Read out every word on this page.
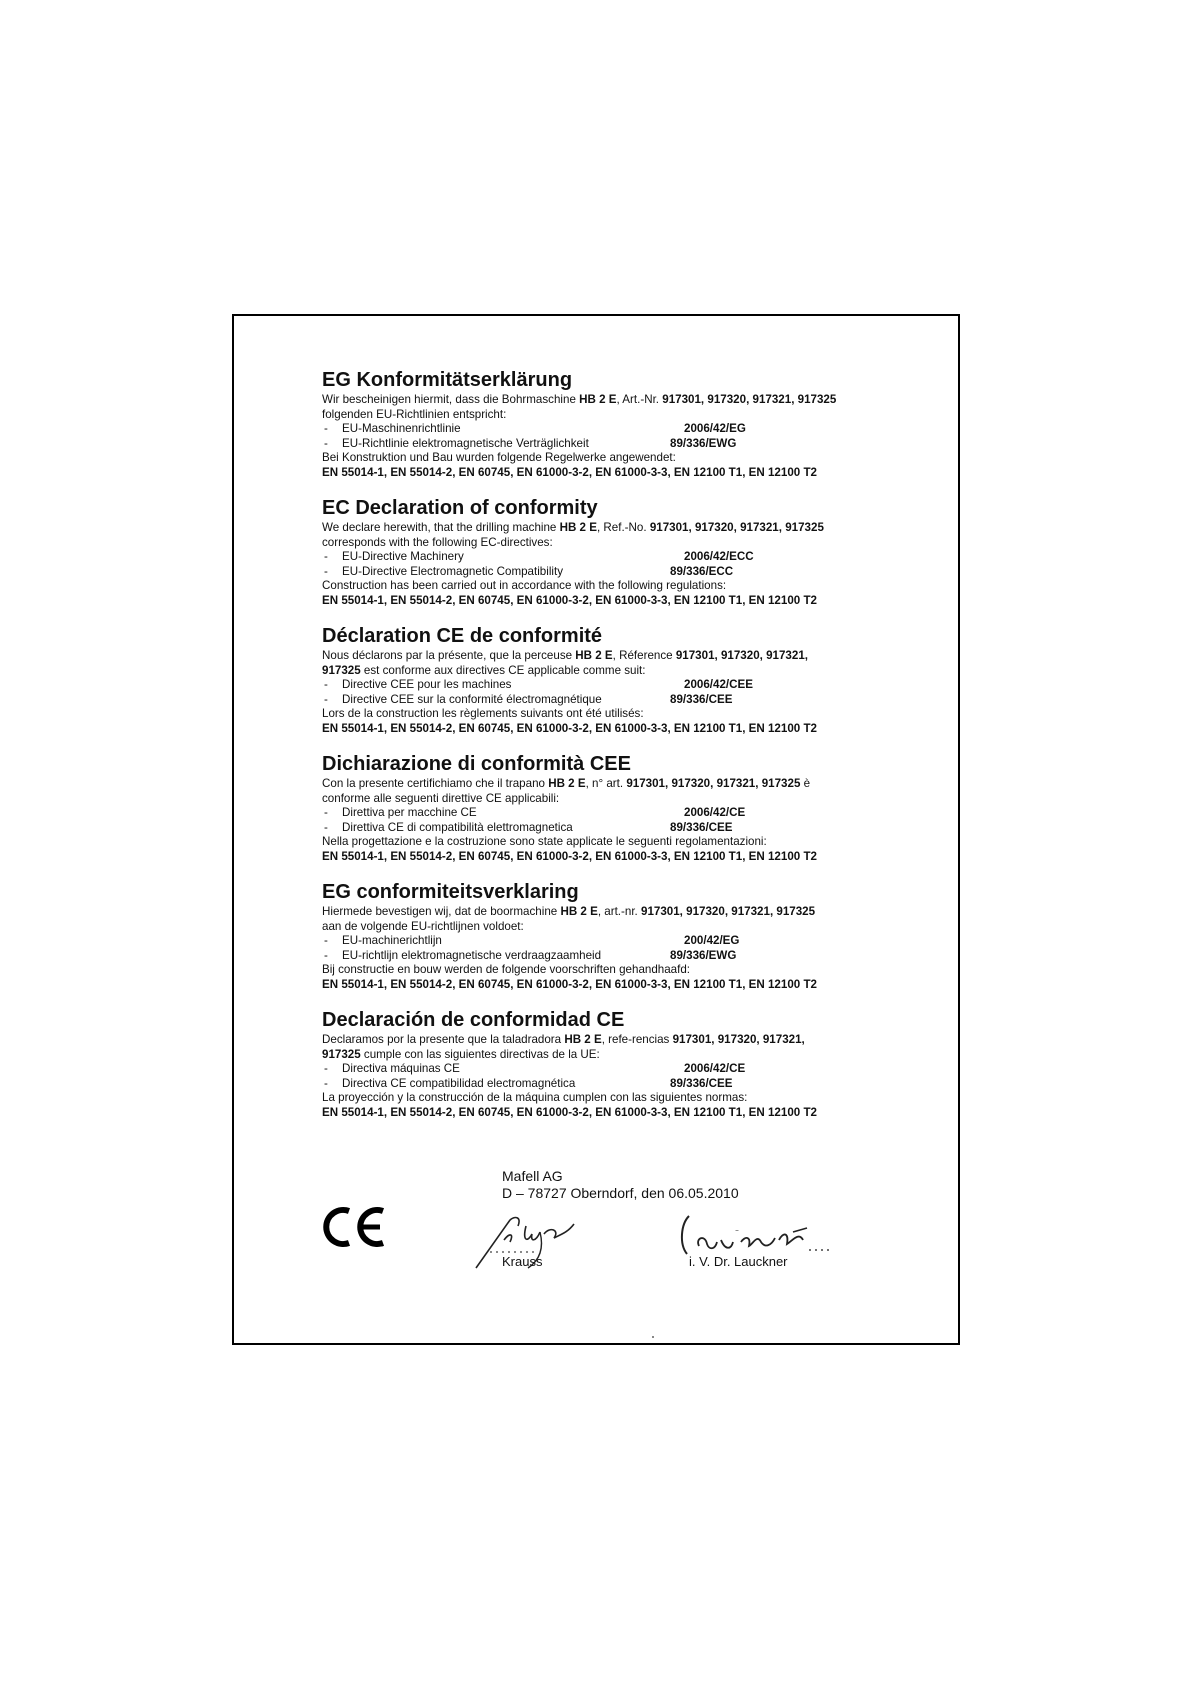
EG Konformitätserklärung
Wir bescheinigen hiermit, dass die Bohrmaschine HB 2 E, Art.-Nr. 917301, 917320, 917321, 917325
folgenden EU-Richtlinien entspricht:
- EU-Maschinenrichtlinie	2006/42/EG
- EU-Richtlinie elektromagnetische Verträglichkeit	89/336/EWG
Bei Konstruktion und Bau wurden folgende Regelwerke angewendet:
EN 55014-1, EN 55014-2, EN 60745, EN 61000-3-2, EN 61000-3-3, EN 12100 T1, EN 12100 T2
EC Declaration of conformity
We declare herewith, that the drilling machine HB 2 E, Ref.-No. 917301, 917320, 917321, 917325
corresponds with the following EC-directives:
- EU-Directive Machinery	2006/42/ECC
- EU-Directive Electromagnetic Compatibility	89/336/ECC
Construction has been carried out in accordance with the following regulations:
EN 55014-1, EN 55014-2, EN 60745, EN 61000-3-2, EN 61000-3-3, EN 12100 T1, EN 12100 T2
Déclaration CE de conformité
Nous déclarons par la présente, que la perceuse HB 2 E, Réference 917301, 917320, 917321,
917325 est conforme aux directives CE applicable comme suit:
- Directive CEE pour les machines	2006/42/CEE
- Directive CEE sur la conformité électromagnétique	89/336/CEE
Lors de la construction les règlements suivants ont été utilisés:
EN 55014-1, EN 55014-2, EN 60745, EN 61000-3-2, EN 61000-3-3, EN 12100 T1, EN 12100 T2
Dichiarazione di conformità CEE
Con la presente certifichiamo che il trapano HB 2 E, n° art. 917301, 917320, 917321, 917325 è
conforme alle seguenti direttive CE applicabili:
- Direttiva per macchine CE	2006/42/CE
- Direttiva CE di compatibilità elettromagnetica	89/336/CEE
Nella progettazione e la costruzione sono state applicate le seguenti regolamentazioni:
EN 55014-1, EN 55014-2, EN 60745, EN 61000-3-2, EN 61000-3-3, EN 12100 T1, EN 12100 T2
EG conformiteitsverklaring
Hiermede bevestigen wij, dat de boormachine HB 2 E, art.-nr. 917301, 917320, 917321, 917325
aan de volgende EU-richtlijnen voldoet:
- EU-machinerichtlijn	200/42/EG
- EU-richtlijn elektromagnetische verdraagzaamheid	89/336/EWG
Bij constructie en bouw werden de folgende voorschriften gehandhaafd:
EN 55014-1, EN 55014-2, EN 60745, EN 61000-3-2, EN 61000-3-3, EN 12100 T1, EN 12100 T2
Declaración de conformidad CE
Declaramos por la presente que la taladradora HB 2 E, refe-rencias 917301, 917320, 917321,
917325 cumple con las siguientes directivas de la UE:
- Directiva máquinas CE	2006/42/CE
- Directiva CE compatibilidad electromagnética	89/336/CEE
La proyección y la construcción de la máquina cumplen con las siguientes normas:
EN 55014-1, EN 55014-2, EN 60745, EN 61000-3-2, EN 61000-3-3, EN 12100 T1, EN 12100 T2
Mafell AG
D – 78727 Oberndorf, den 06.05.2010
Krauss	i. V. Dr. Lauckner
